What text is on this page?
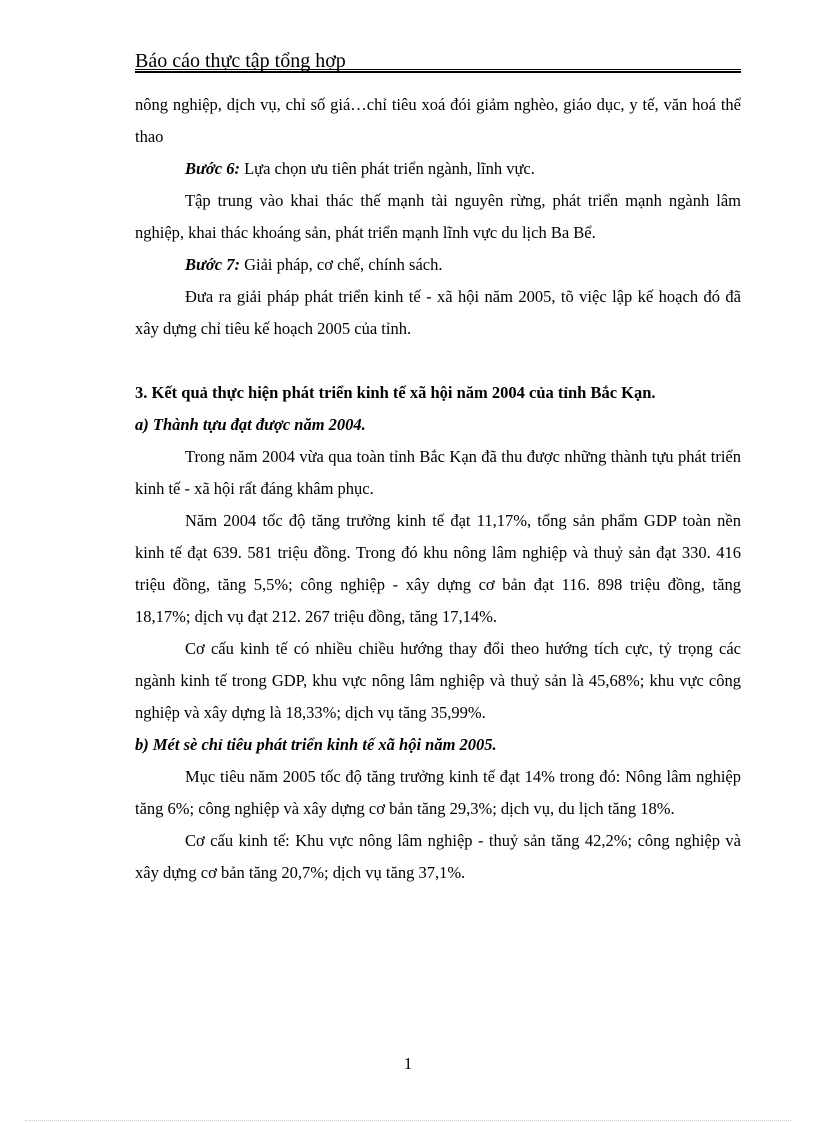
Báo cáo thực tập tổng hợp

nông nghiệp, dịch vụ, chỉ số giá…chỉ tiêu xoá đói giảm nghèo, giáo dục, y tế, văn hoá thể thao

Bước 6: Lựa chọn ưu tiên phát triển ngành, lĩnh vực.

Tập trung vào khai thác thế mạnh tài nguyên rừng, phát triển mạnh ngành lâm nghiệp, khai thác khoáng sản, phát triển mạnh lĩnh vực du lịch Ba Bể.

Bước 7: Giải pháp, cơ chế, chính sách.

Đưa ra giải pháp phát triển kinh tế - xã hội năm 2005, tõ việc lập kế hoạch đó đã xây dựng chỉ tiêu kế hoạch 2005 của tỉnh.

3. Kết quả thực hiện phát triển kinh tế xã hội năm 2004 của tỉnh Bắc Kạn.

a) Thành tựu đạt được năm 2004.

Trong năm 2004 vừa qua toàn tỉnh Bắc Kạn đã thu được những thành tựu phát triển kinh tế - xã hội rất đáng khâm phục.

Năm 2004 tốc độ tăng trưởng kinh tế đạt 11,17%, tổng sản phẩm GDP toàn nền kinh tế đạt 639. 581 triệu đồng. Trong đó khu nông lâm nghiệp và thuỷ sản đạt 330. 416 triệu đồng, tăng 5,5%; công nghiệp - xây dựng cơ bản đạt 116. 898 triệu đồng, tăng 18,17%; dịch vụ đạt 212. 267 triệu đồng, tăng 17,14%.

Cơ cấu kinh tế có nhiều chiều hướng thay đổi theo hướng tích cực, tỷ trọng các ngành kinh tế trong GDP, khu vực nông lâm nghiệp và thuỷ sản là 45,68%; khu vực công nghiệp và xây dựng là 18,33%; dịch vụ tăng 35,99%.

b) Mét sè chỉ tiêu phát triển kinh tế xã hội năm 2005.

Mục tiêu năm 2005 tốc độ tăng trưởng kinh tế đạt 14% trong đó: Nông lâm nghiệp tăng 6%; công nghiệp và xây dựng cơ bản tăng 29,3%; dịch vụ, du lịch tăng 18%.

Cơ cấu kinh tế: Khu vực nông lâm nghiệp - thuỷ sản tăng 42,2%; công nghiệp và xây dựng cơ bản tăng 20,7%; dịch vụ tăng 37,1%.

1
